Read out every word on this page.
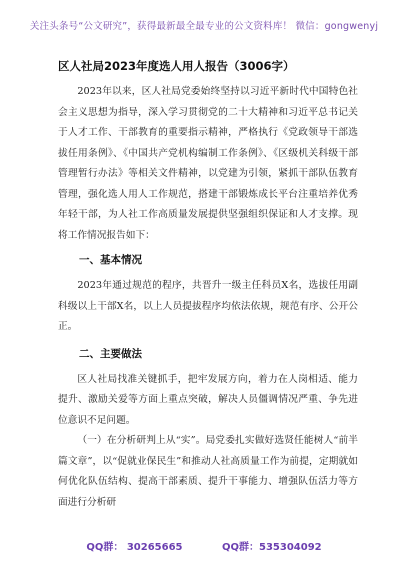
关注头条号“公文研究”，获得最新最全最专业的公文资料库！ 微信：gongwenyj
区人社局2023年度选人用人报告（3006字）

2023年以来，区人社局党委始终坚持以习近平新时代中国特色社会主义思想为指导，深入学习贯彻党的二十大精神和习近平总书记关于人才工作、干部教育的重要指示精神，严格执行《党政领导干部选拔任用条例》、《中国共产党机构编制工作条例》、《区级机关科级干部管理暂行办法》等相关文件精神，以党建为引领，紧抓干部队伍教育管理，强化选人用人工作规范，搭建干部锻炼成长平台注重培养优秀年轻干部，为人社工作高质量发展提供坚强组织保证和人才支撑。现将工作情况报告如下：

一、基本情况

2023年通过规范的程序，共晋升一级主任科员X名，选拔任用副科级以上干部X名，以上人员提拔程序均依法依规，规范有序、公开公正。

二、主要做法

区人社局找准关键抓手，把牢发展方向，着力在人岗相适、能力提升、激励关爱等方面上重点突破，解决人员僵调情况严重、争先进位意识不足问题。

（一）在分析研判上从“实”。局党委扎实做好选贤任能树人“前半篇文章”，以“促就业保民生”和推动人社高质量工作为前提，定期就如何优化队伍结构、提高干部素质、提升干事能力、增强队伍活力等方面进行分析研

QQ群： 30265665	QQ群：535304092
